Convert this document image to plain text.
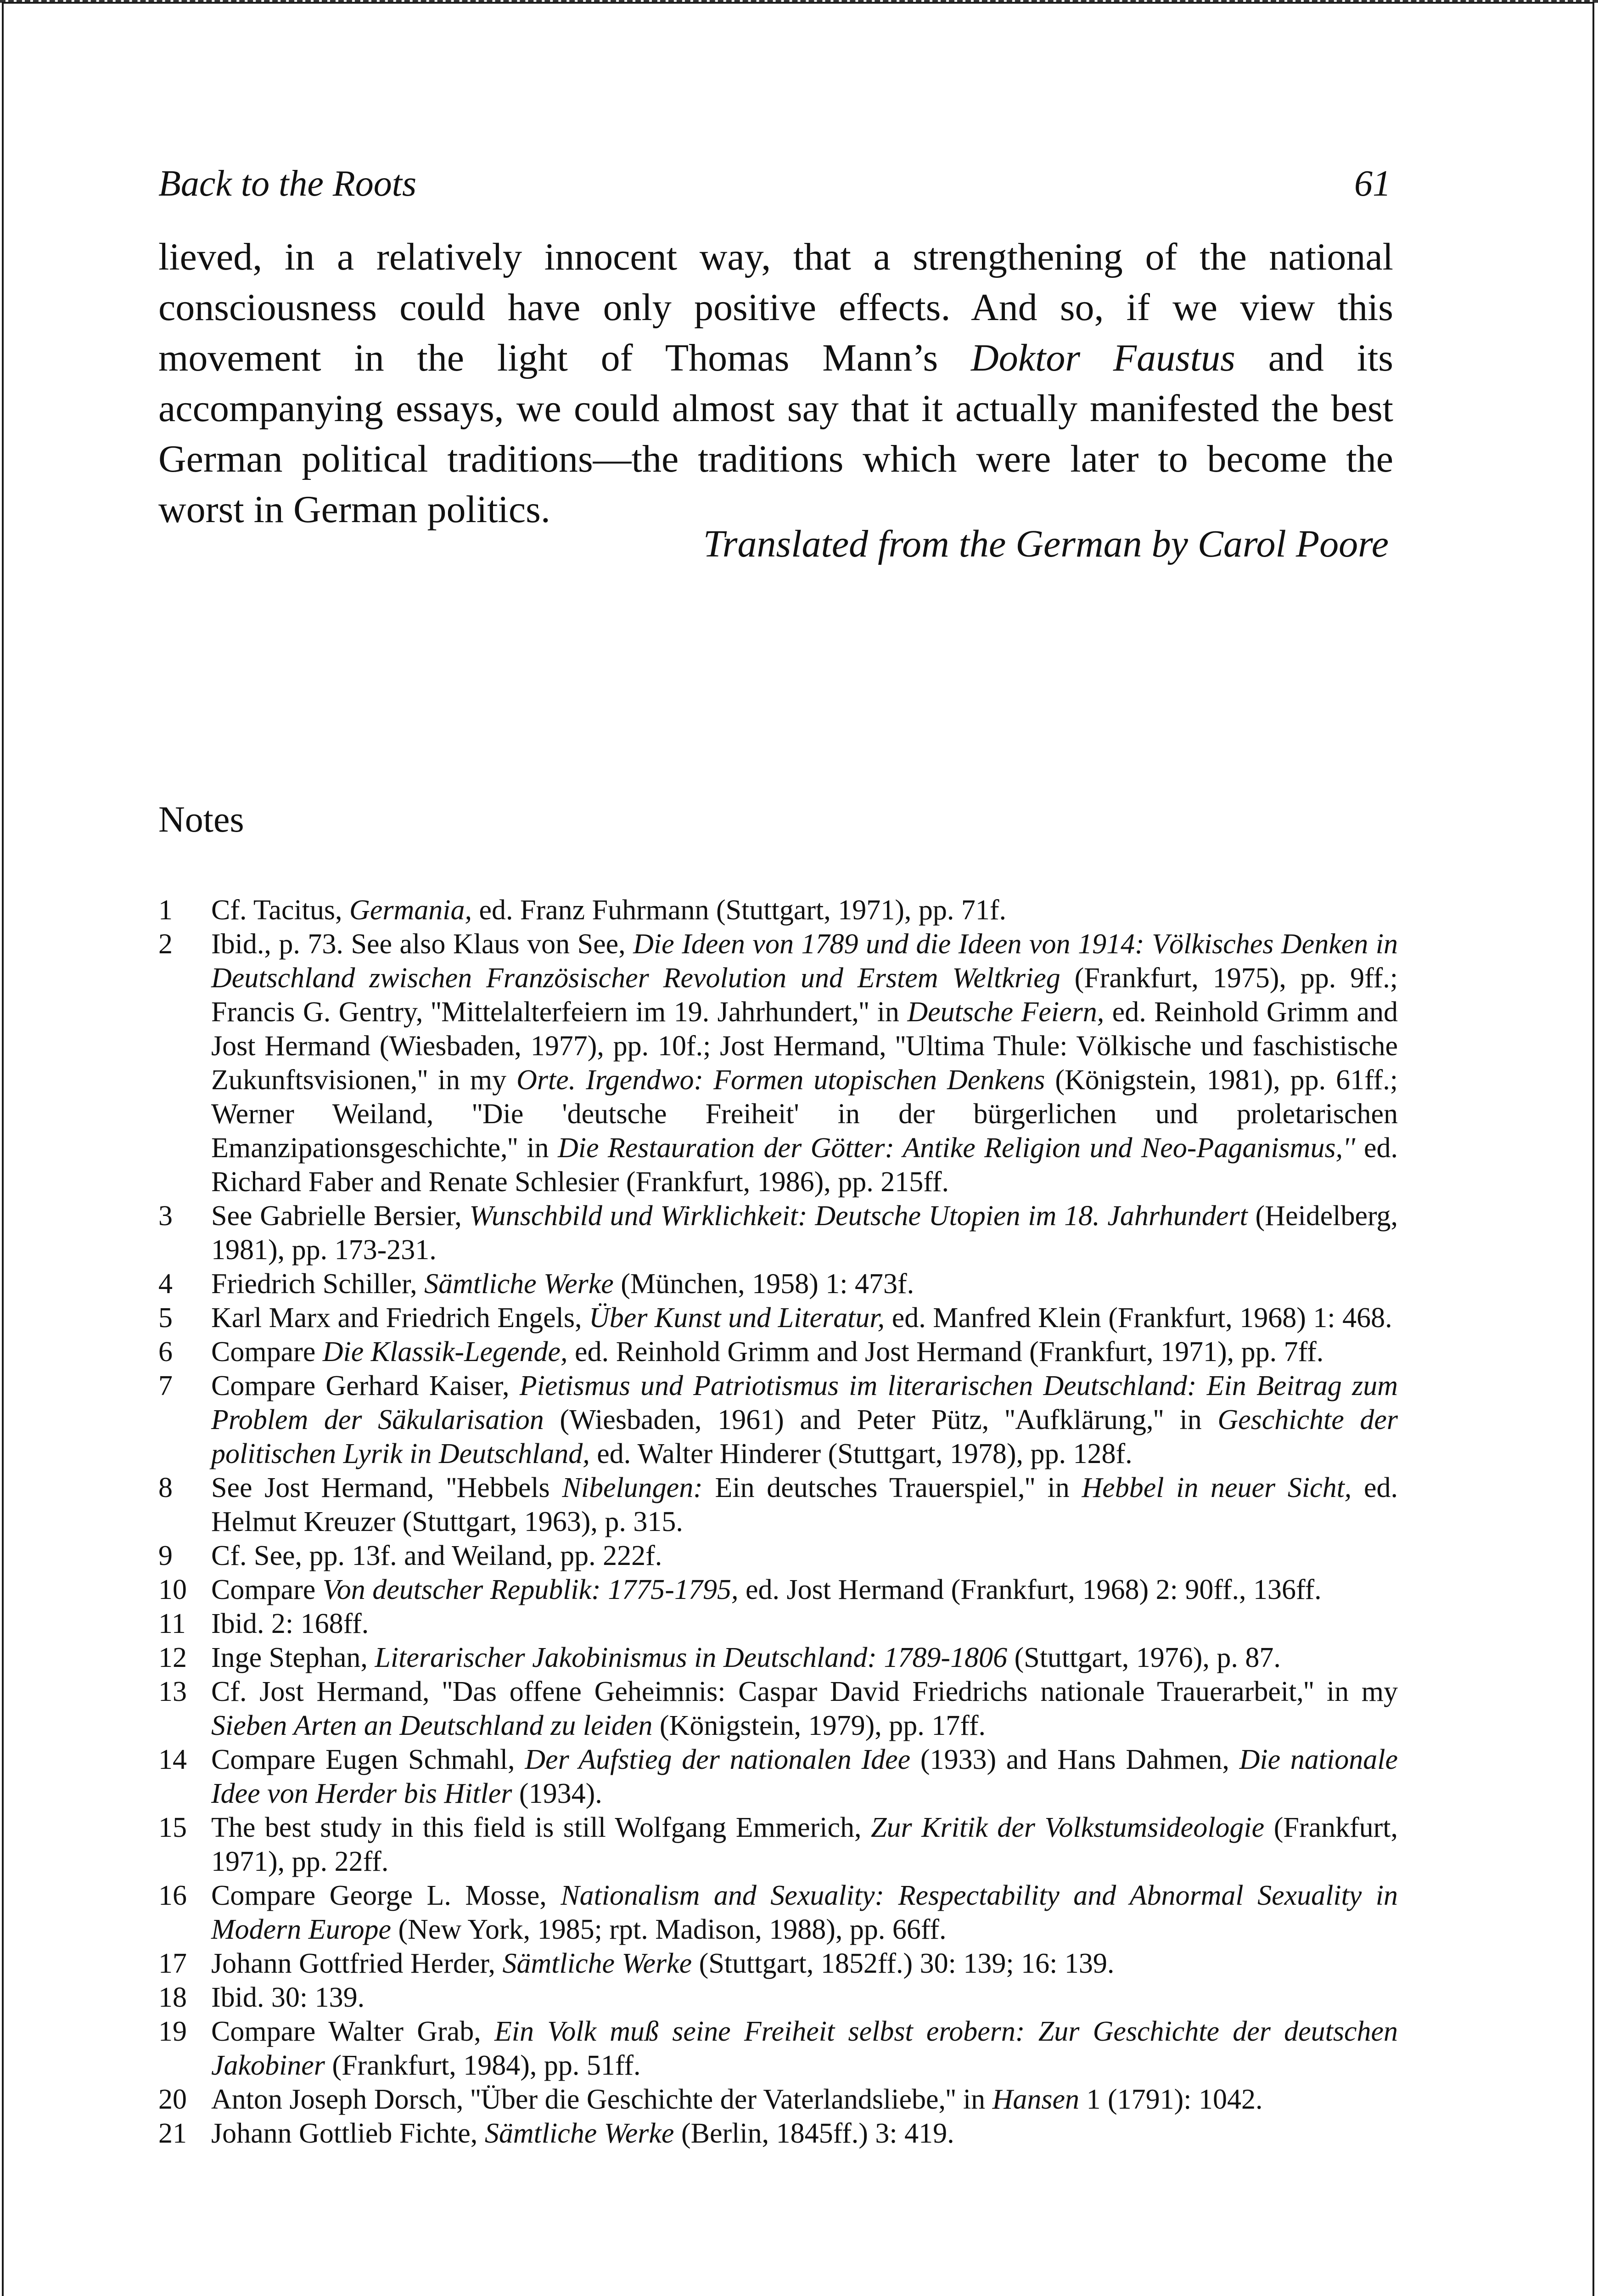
Back to the Roots	61

lieved, in a relatively innocent way, that a strengthening of the national consciousness could have only positive effects. And so, if we view this movement in the light of Thomas Mann’s Doktor Faustus and its accompanying essays, we could almost say that it actually manifested the best German political traditions—the traditions which were later to become the worst in German politics.

Translated from the German by Carol Poore
Notes
1	Cf. Tacitus, Germania, ed. Franz Fuhrmann (Stuttgart, 1971), pp. 71f.
2	Ibid., p. 73. See also Klaus von See, Die Ideen von 1789 und die Ideen von 1914: Völkisches Denken in Deutschland zwischen Französischer Revolution und Erstem Weltkrieg (Frankfurt, 1975), pp. 9ff.; Francis G. Gentry, ''Mittelalterfeiern im 19. Jahrhundert,'' in Deutsche Feiern, ed. Reinhold Grimm and Jost Hermand (Wiesbaden, 1977), pp. 10f.; Jost Hermand, ''Ultima Thule: Völkische und faschistische Zukunftsvisionen,'' in my Orte. Irgendwo: Formen utopischen Denkens (Königstein, 1981), pp. 61ff.; Werner Weiland, ''Die 'deutsche Freiheit' in der bürgerlichen und proletarischen Emanzipationsgeschichte,'' in Die Restauration der Götter: Antike Religion und Neo-Paganismus,'' ed. Richard Faber and Renate Schlesier (Frankfurt, 1986), pp. 215ff.
3	See Gabrielle Bersier, Wunschbild und Wirklichkeit: Deutsche Utopien im 18. Jahrhundert (Heidelberg, 1981), pp. 173-231.
4	Friedrich Schiller, Sämtliche Werke (München, 1958) 1: 473f.
5	Karl Marx and Friedrich Engels, Über Kunst und Literatur, ed. Manfred Klein (Frankfurt, 1968) 1: 468.
6	Compare Die Klassik-Legende, ed. Reinhold Grimm and Jost Hermand (Frankfurt, 1971), pp. 7ff.
7	Compare Gerhard Kaiser, Pietismus und Patriotismus im literarischen Deutschland: Ein Beitrag zum Problem der Säkularisation (Wiesbaden, 1961) and Peter Pütz, ''Aufklärung,'' in Geschichte der politischen Lyrik in Deutschland, ed. Walter Hinderer (Stuttgart, 1978), pp. 128f.
8	See Jost Hermand, ''Hebbels Nibelungen: Ein deutsches Trauerspiel,'' in Hebbel in neuer Sicht, ed. Helmut Kreuzer (Stuttgart, 1963), p. 315.
9	Cf. See, pp. 13f. and Weiland, pp. 222f.
10 Compare Von deutscher Republik: 1775-1795, ed. Jost Hermand (Frankfurt, 1968) 2: 90ff., 136ff.
11 Ibid. 2: 168ff.
12 Inge Stephan, Literarischer Jakobinismus in Deutschland: 1789-1806 (Stuttgart, 1976), p. 87.
13 Cf. Jost Hermand, ''Das offene Geheimnis: Caspar David Friedrichs nationale Trauerarbeit,'' in my Sieben Arten an Deutschland zu leiden (Königstein, 1979), pp. 17ff.
14 Compare Eugen Schmahl, Der Aufstieg der nationalen Idee (1933) and Hans Dahmen, Die nationale Idee von Herder bis Hitler (1934).
15 The best study in this field is still Wolfgang Emmerich, Zur Kritik der Volkstumsideologie (Frankfurt, 1971), pp. 22ff.
16 Compare George L. Mosse, Nationalism and Sexuality: Respectability and Abnormal Sexuality in Modern Europe (New York, 1985; rpt. Madison, 1988), pp. 66ff.
17 Johann Gottfried Herder, Sämtliche Werke (Stuttgart, 1852ff.) 30: 139; 16: 139.
18 Ibid. 30: 139.
19 Compare Walter Grab, Ein Volk muß seine Freiheit selbst erobern: Zur Geschichte der deutschen Jakobiner (Frankfurt, 1984), pp. 51ff.
20 Anton Joseph Dorsch, ''Über die Geschichte der Vaterlandsliebe,'' in Hansen 1 (1791): 1042.
21 Johann Gottlieb Fichte, Sämtliche Werke (Berlin, 1845ff.) 3: 419.
